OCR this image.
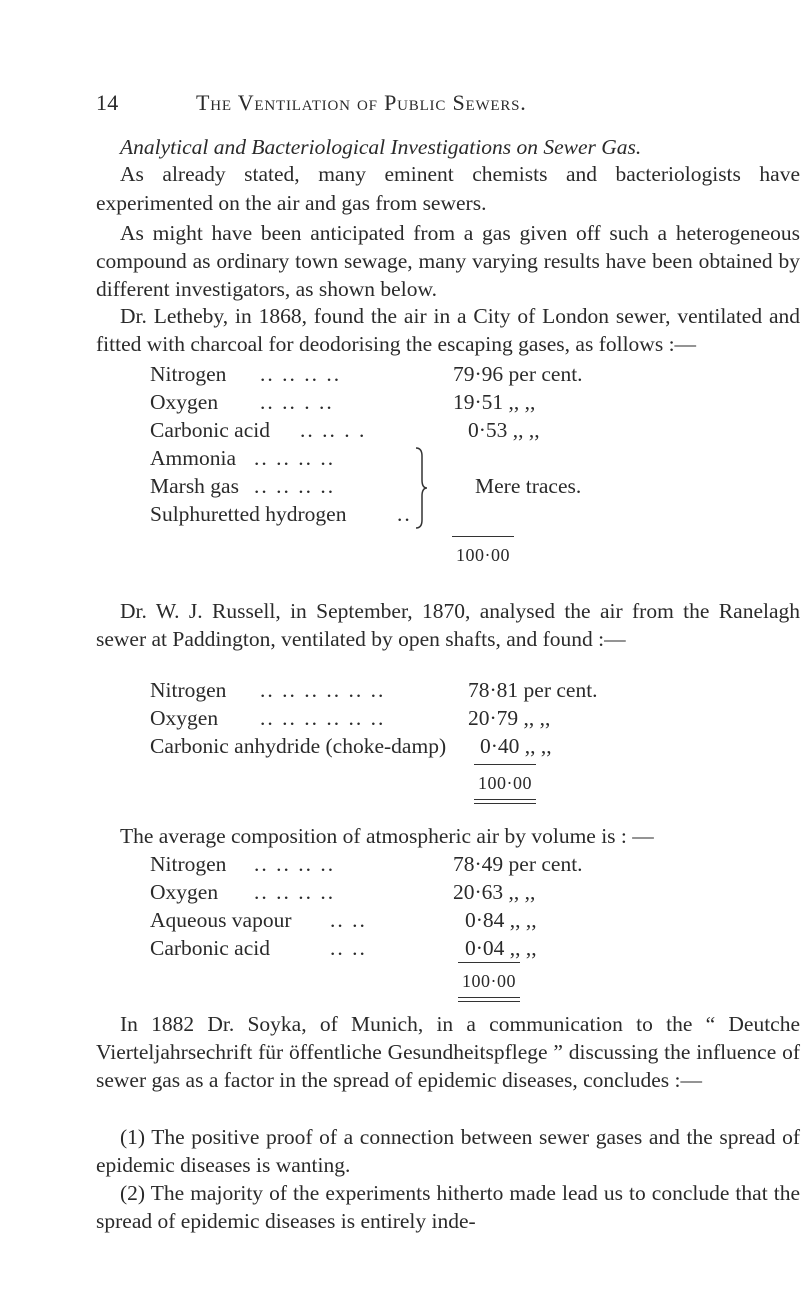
14	The Ventilation of Public Sewers.
Analytical and Bacteriological Investigations on Sewer Gas.
As already stated, many eminent chemists and bacteriologists have experimented on the air and gas from sewers.
As might have been anticipated from a gas given off such a heterogeneous compound as ordinary town sewage, many varying results have been obtained by different investigators, as shown below.
Dr. Letheby, in 1868, found the air in a City of London sewer, ventilated and fitted with charcoal for deodorising the escaping gases, as follows :—
Nitrogen .. .. .. ..	79·96 per cent.
Oxygen .. .. . ..	19·51 ,, ,,
Carbonic acid .. .. . .	0·53 ,, ,,
Ammonia .. .. .. ..
Marsh gas .. .. .. ..	Mere traces.
Sulphuretted hydrogen ..
100·00
Dr. W. J. Russell, in September, 1870, analysed the air from the Ranelagh sewer at Paddington, ventilated by open shafts, and found :—
Nitrogen .. .. .. .. .. ..	78·81 per cent.
Oxygen .. .. .. .. .. ..	20·79 ,, ,,
Carbonic anhydride (choke-damp) 0·40 ,, ,,
100·00
The average composition of atmospheric air by volume is : —
Nitrogen .. .. .. ..	78·49 per cent.
Oxygen .. .. .. ..	20·63 ,, ,,
Aqueous vapour .. ..	0·84 ,, ,,
Carbonic acid	.. ..	0·04 ,, ,,
100·00
In 1882 Dr. Soyka, of Munich, in a communication to the “ Deutche Vierteljahrsechrift für öffentliche Gesundheitspflege ” discussing the influence of sewer gas as a factor in the spread of epidemic diseases, concludes :—
(1) The positive proof of a connection between sewer gases and the spread of epidemic diseases is wanting.
(2) The majority of the experiments hitherto made lead us to conclude that the spread of epidemic diseases is entirely inde-
